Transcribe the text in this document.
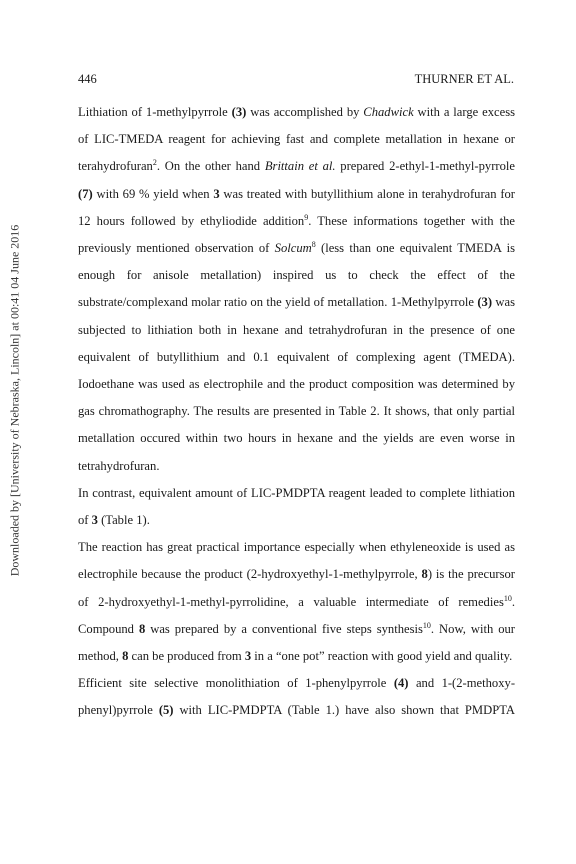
Downloaded by [University of Nebraska, Lincoln] at 00:41 04 June 2016
446	THURNER ET AL.

Lithiation of 1-methylpyrrole (3) was accomplished by Chadwick with a large excess of LIC-TMEDA reagent for achieving fast and complete metallation in hexane or terahydrofuran$^2$. On the other hand Brittain et al. prepared 2-ethyl-1-methyl-pyrrole (7) with 69 % yield when 3 was treated with butyllithium alone in terahydrofuran for 12 hours followed by ethyliodide addition$^9$. These informations together with the previously mentioned observation of Solcum$^8$ (less than one equivalent TMEDA is enough for anisole metallation) inspired us to check the effect of the substrate/complexand molar ratio on the yield of metallation. 1-Methylpyrrole (3) was subjected to lithiation both in hexane and tetrahydrofuran in the presence of one equivalent of butyllithium and 0.1 equivalent of complexing agent (TMEDA). Iodoethane was used as electrophile and the product composition was determined by gas chromathography. The results are presented in Table 2. It shows, that only partial metallation occured within two hours in hexane and the yields are even worse in tetrahydrofuran.

In contrast, equivalent amount of LIC-PMDPTA reagent leaded to complete lithiation of 3 (Table 1).

The reaction has great practical importance especially when ethyleneoxide is used as electrophile because the product (2-hydroxyethyl-1-methylpyrrole, 8) is the precursor of 2-hydroxyethyl-1-methyl-pyrrolidine, a valuable intermediate of remedies$^{10}$. Compound 8 was prepared by a conventional five steps synthesis$^{10}$. Now, with our method, 8 can be produced from 3 in a “one pot” reaction with good yield and quality.

Efficient site selective monolithiation of 1-phenylpyrrole (4) and 1-(2-methoxy-phenyl)pyrrole (5) with LIC-PMDPTA (Table 1.) have also shown that PMDPTA
